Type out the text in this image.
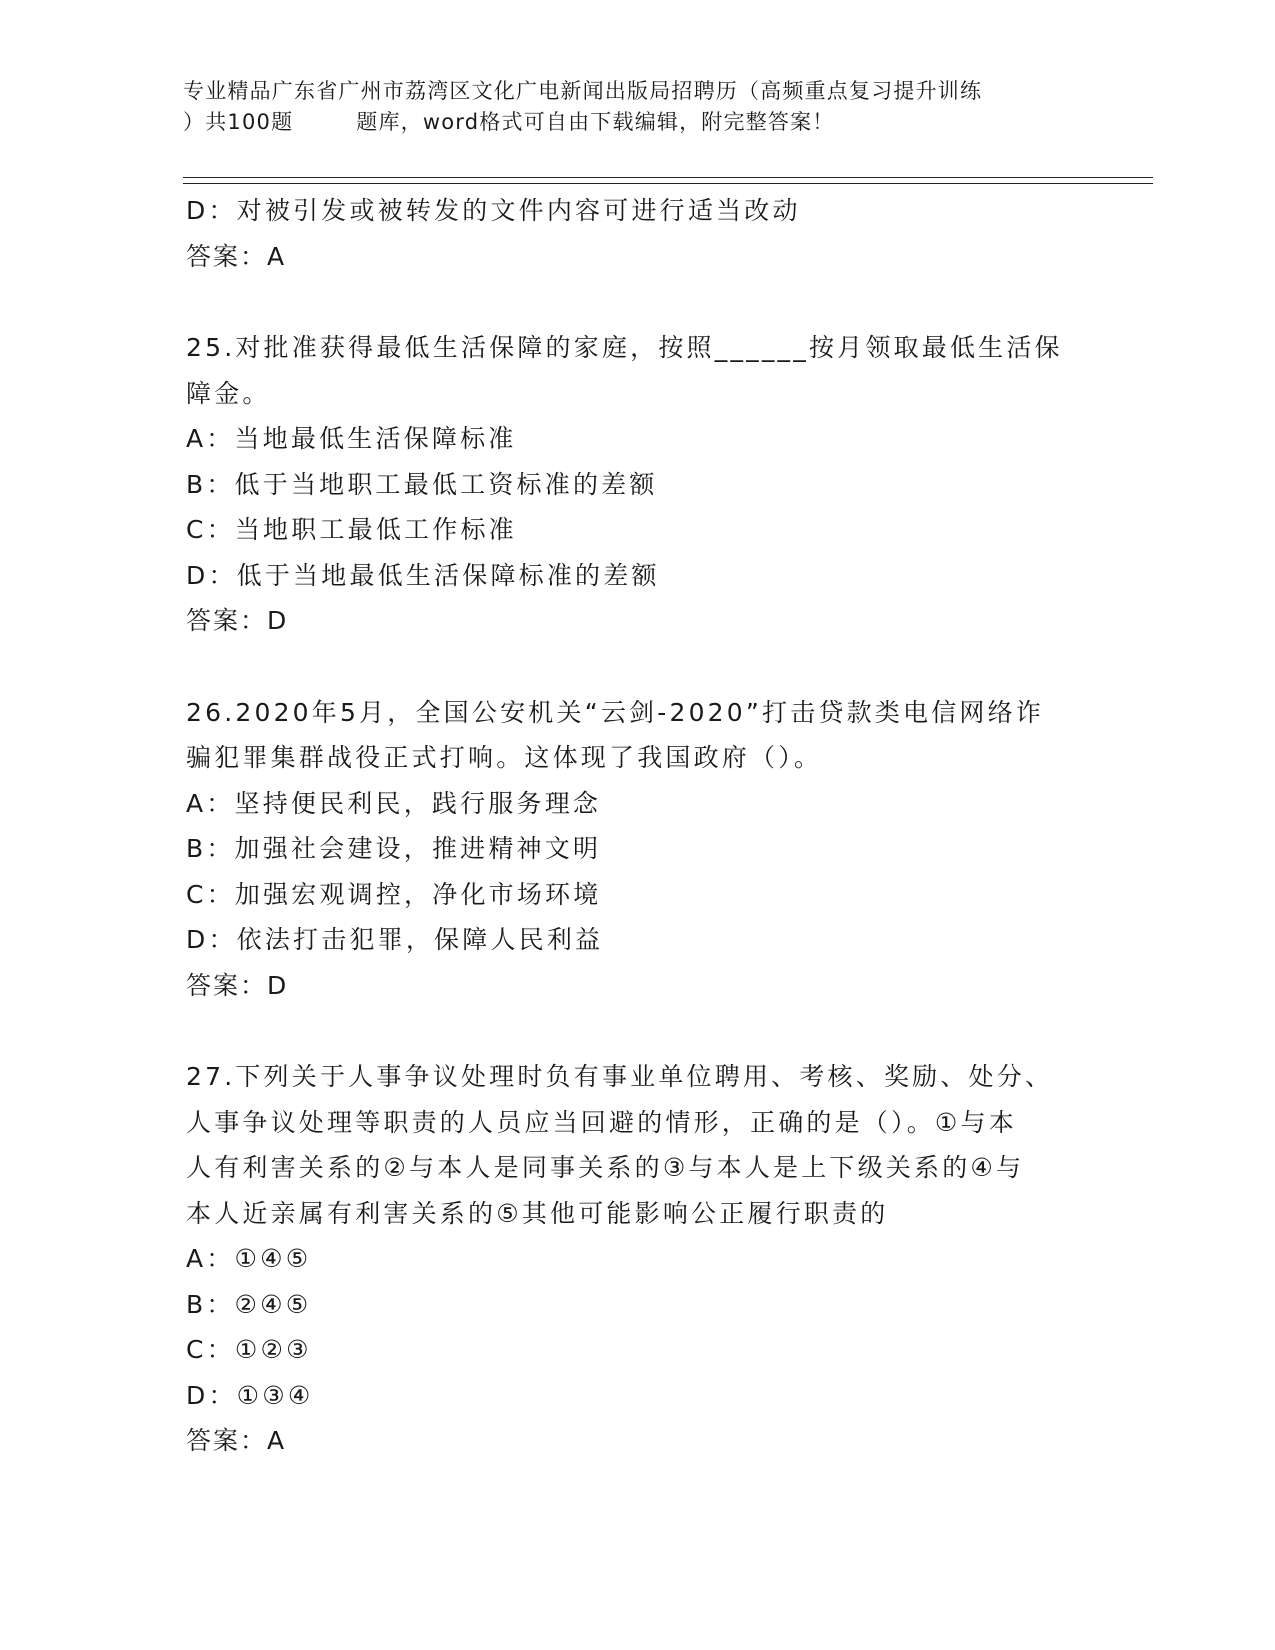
专业精品广东省广州市荔湾区文化广电新闻出版局招聘历（高频重点复习提升训练
）共100题        题库，word格式可自由下载编辑，附完整答案！
D：对被引发或被转发的文件内容可进行适当改动
答案：A
25.对批准获得最低生活保障的家庭，按照______按月领取最低生活保
障金。
A：当地最低生活保障标准
B：低于当地职工最低工资标准的差额
C：当地职工最低工作标准
D：低于当地最低生活保障标准的差额
答案：D
26.2020年5月，全国公安机关“云剑-2020”打击贷款类电信网络诈
骗犯罪集群战役正式打响。这体现了我国政府（）。
A：坚持便民利民，践行服务理念
B：加强社会建设，推进精神文明
C：加强宏观调控，净化市场环境
D：依法打击犯罪，保障人民利益
答案：D
27.下列关于人事争议处理时负有事业单位聘用、考核、奖励、处分、
人事争议处理等职责的人员应当回避的情形，正确的是（）。①与本
人有利害关系的②与本人是同事关系的③与本人是上下级关系的④与
本人近亲属有利害关系的⑤其他可能影响公正履行职责的
A：①④⑤
B：②④⑤
C：①②③
D：①③④
答案：A
